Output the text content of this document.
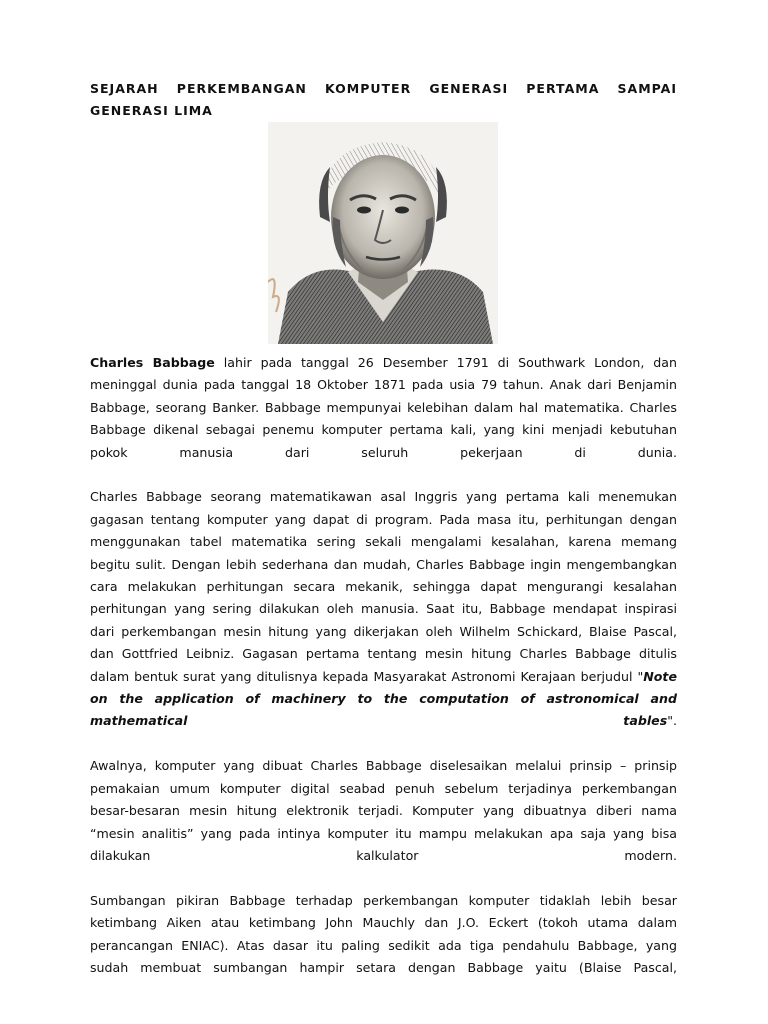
SEJARAH PERKEMBANGAN KOMPUTER GENERASI PERTAMA SAMPAI GENERASI LIMA

Charles Babbage lahir pada tanggal 26 Desember 1791 di Southwark London, dan meninggal dunia pada tanggal 18 Oktober 1871 pada usia 79 tahun. Anak dari Benjamin Babbage, seorang Banker. Babbage mempunyai kelebihan dalam hal matematika. Charles Babbage dikenal sebagai penemu komputer pertama kali, yang kini menjadi kebutuhan pokok manusia dari seluruh pekerjaan di dunia.

Charles Babbage seorang matematikawan asal Inggris yang pertama kali menemukan gagasan tentang komputer yang dapat di program. Pada masa itu, perhitungan dengan menggunakan tabel matematika sering sekali mengalami kesalahan, karena memang begitu sulit. Dengan lebih sederhana dan mudah, Charles Babbage ingin mengembangkan cara melakukan perhitungan secara mekanik, sehingga dapat mengurangi kesalahan perhitungan yang sering dilakukan oleh manusia. Saat itu, Babbage mendapat inspirasi dari perkembangan mesin hitung yang dikerjakan oleh Wilhelm Schickard, Blaise Pascal, dan Gottfried Leibniz. Gagasan pertama tentang mesin hitung Charles Babbage ditulis dalam bentuk surat yang ditulisnya kepada Masyarakat Astronomi Kerajaan berjudul "Note on the application of machinery to the computation of astronomical and mathematical tables".

Awalnya, komputer yang dibuat Charles Babbage diselesaikan melalui prinsip – prinsip pemakaian umum komputer digital seabad penuh sebelum terjadinya perkembangan besar-besaran mesin hitung elektronik terjadi. Komputer yang dibuatnya diberi nama “mesin analitis” yang pada intinya komputer itu mampu melakukan apa saja yang bisa dilakukan kalkulator modern.

Sumbangan pikiran Babbage terhadap perkembangan komputer tidaklah lebih besar ketimbang Aiken atau ketimbang John Mauchly dan J.O. Eckert (tokoh utama dalam perancangan ENIAC). Atas dasar itu paling sedikit ada tiga pendahulu Babbage, yang sudah membuat sumbangan hampir setara dengan Babbage yaitu (Blaise Pascal,
